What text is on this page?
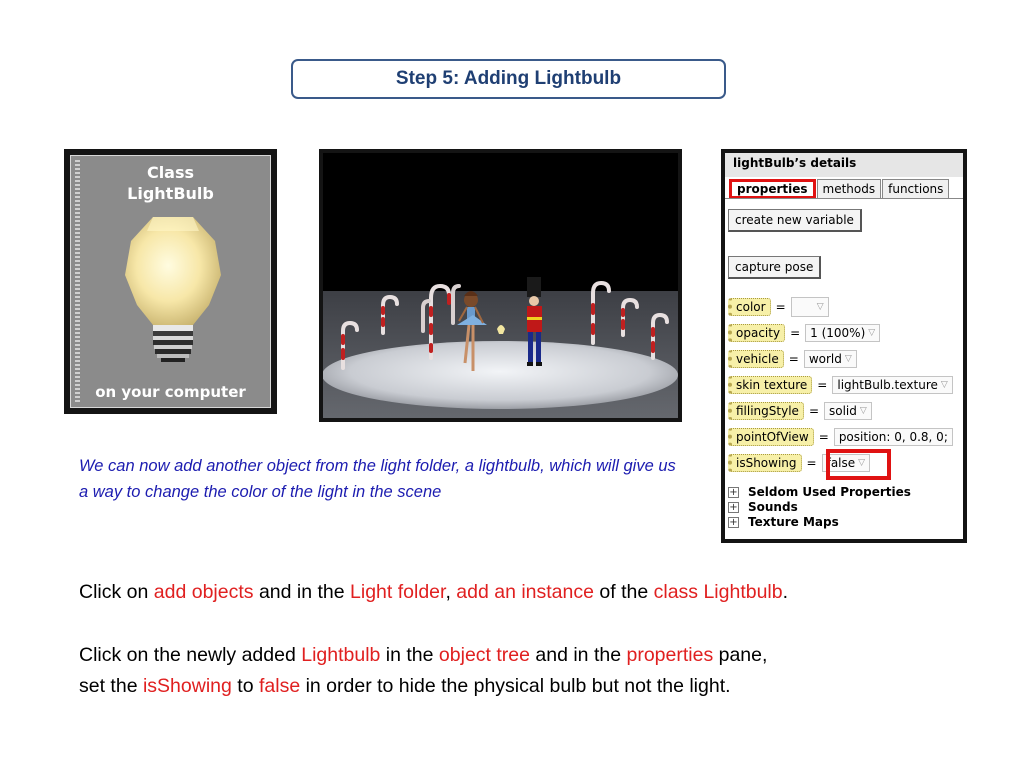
Step 5: Adding Lightbulb
Class
LightBulb
on your computer
lightBulb’s details
properties	methods	functions
create new variable
capture pose
color =	▽
opacity = 1 (100%) ▽
vehicle = world ▽
skin texture = lightBulb.texture ▽
fillingStyle = solid ▽
pointOfView = position: 0, 0.8, 0;
isShowing = false ▽
+ Seldom Used Properties
+ Sounds
+ Texture Maps
We can now add another object from the light folder, a lightbulb, which will give us a way to change the color of the light in the scene
Click on add objects and in the Light folder, add an instance of the class Lightbulb.
Click on the newly added Lightbulb in the object tree and in the properties pane,
set the isShowing to false in order to hide the physical bulb but not the light.
